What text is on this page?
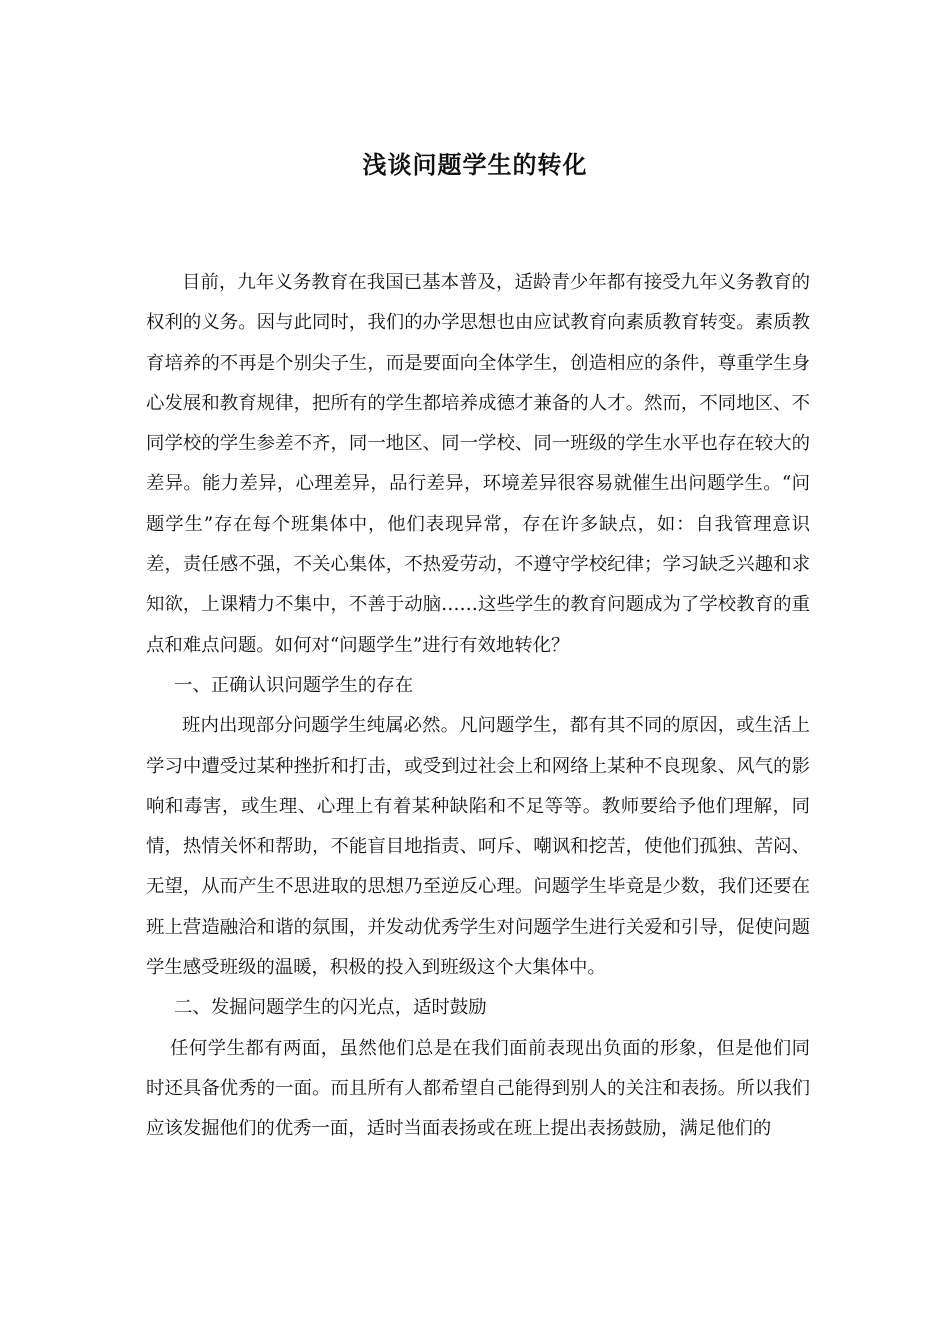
浅谈问题学生的转化

目前，九年义务教育在我国已基本普及，适龄青少年都有接受九年义务教育的权利的义务。因与此同时，我们的办学思想也由应试教育向素质教育转变。素质教育培养的不再是个别尖子生，而是要面向全体学生，创造相应的条件，尊重学生身心发展和教育规律，把所有的学生都培养成德才兼备的人才。然而，不同地区、不同学校的学生参差不齐，同一地区、同一学校、同一班级的学生水平也存在较大的差异。能力差异，心理差异，品行差异，环境差异很容易就催生出问题学生。“问题学生”存在每个班集体中，他们表现异常，存在许多缺点，如：自我管理意识差，责任感不强，不关心集体，不热爱劳动，不遵守学校纪律；学习缺乏兴趣和求知欲，上课精力不集中，不善于动脑……这些学生的教育问题成为了学校教育的重点和难点问题。如何对“问题学生”进行有效地转化？

一、正确认识问题学生的存在

班内出现部分问题学生纯属必然。凡问题学生，都有其不同的原因，或生活上学习中遭受过某种挫折和打击，或受到过社会上和网络上某种不良现象、风气的影响和毒害，或生理、心理上有着某种缺陷和不足等等。教师要给予他们理解，同情，热情关怀和帮助，不能盲目地指责、呵斥、嘲讽和挖苦，使他们孤独、苦闷、无望，从而产生不思进取的思想乃至逆反心理。问题学生毕竟是少数，我们还要在班上营造融洽和谐的氛围，并发动优秀学生对问题学生进行关爱和引导，促使问题学生感受班级的温暖，积极的投入到班级这个大集体中。

二、发掘问题学生的闪光点，适时鼓励

任何学生都有两面，虽然他们总是在我们面前表现出负面的形象，但是他们同时还具备优秀的一面。而且所有人都希望自己能得到别人的关注和表扬。所以我们应该发掘他们的优秀一面，适时当面表扬或在班上提出表扬鼓励，满足他们的
